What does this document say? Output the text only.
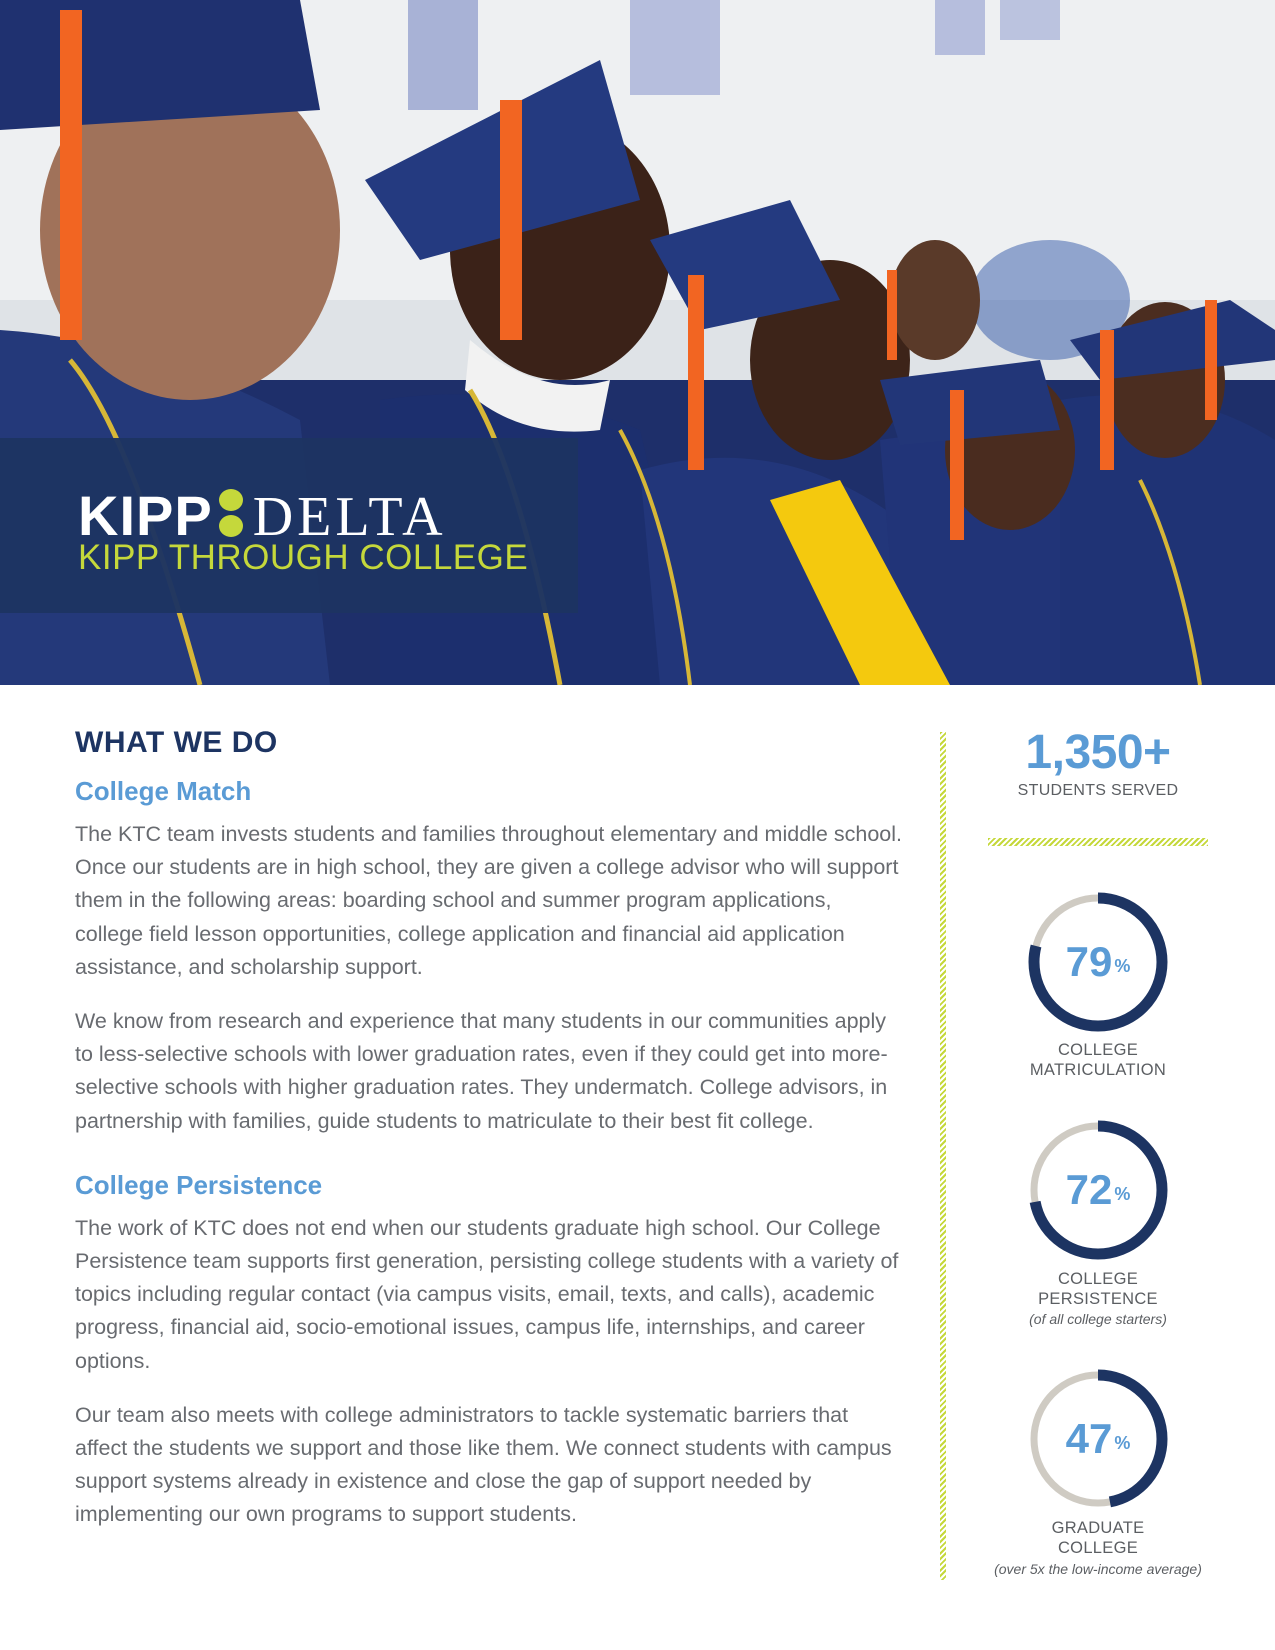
KIPP DELTA
KIPP THROUGH COLLEGE
WHAT WE DO
College Match

The KTC team invests students and families throughout elementary and middle school. Once our students are in high school, they are given a college advisor who will support them in the following areas: boarding school and summer program applications, college field lesson opportunities, college application and financial aid application assistance, and scholarship support.

We know from research and experience that many students in our communities apply to less-selective schools with lower graduation rates, even if they could get into more-selective schools with higher graduation rates. They undermatch. College advisors, in partnership with families, guide students to matriculate to their best fit college.

College Persistence

The work of KTC does not end when our students graduate high school. Our College Persistence team supports first generation, persisting college students with a variety of topics including regular contact (via campus visits, email, texts, and calls), academic progress, financial aid, socio-emotional issues, campus life, internships, and career options.

Our team also meets with college administrators to tackle systematic barriers that affect the students we support and those like them. We connect students with campus support systems already in existence and close the gap of support needed by implementing our own programs to support students.

1,350+
STUDENTS SERVED
79 %
COLLEGE
MATRICULATION
72 %
COLLEGE
PERSISTENCE
(of all college starters)
47 %
GRADUATE
COLLEGE
(over 5x the low-income average)
